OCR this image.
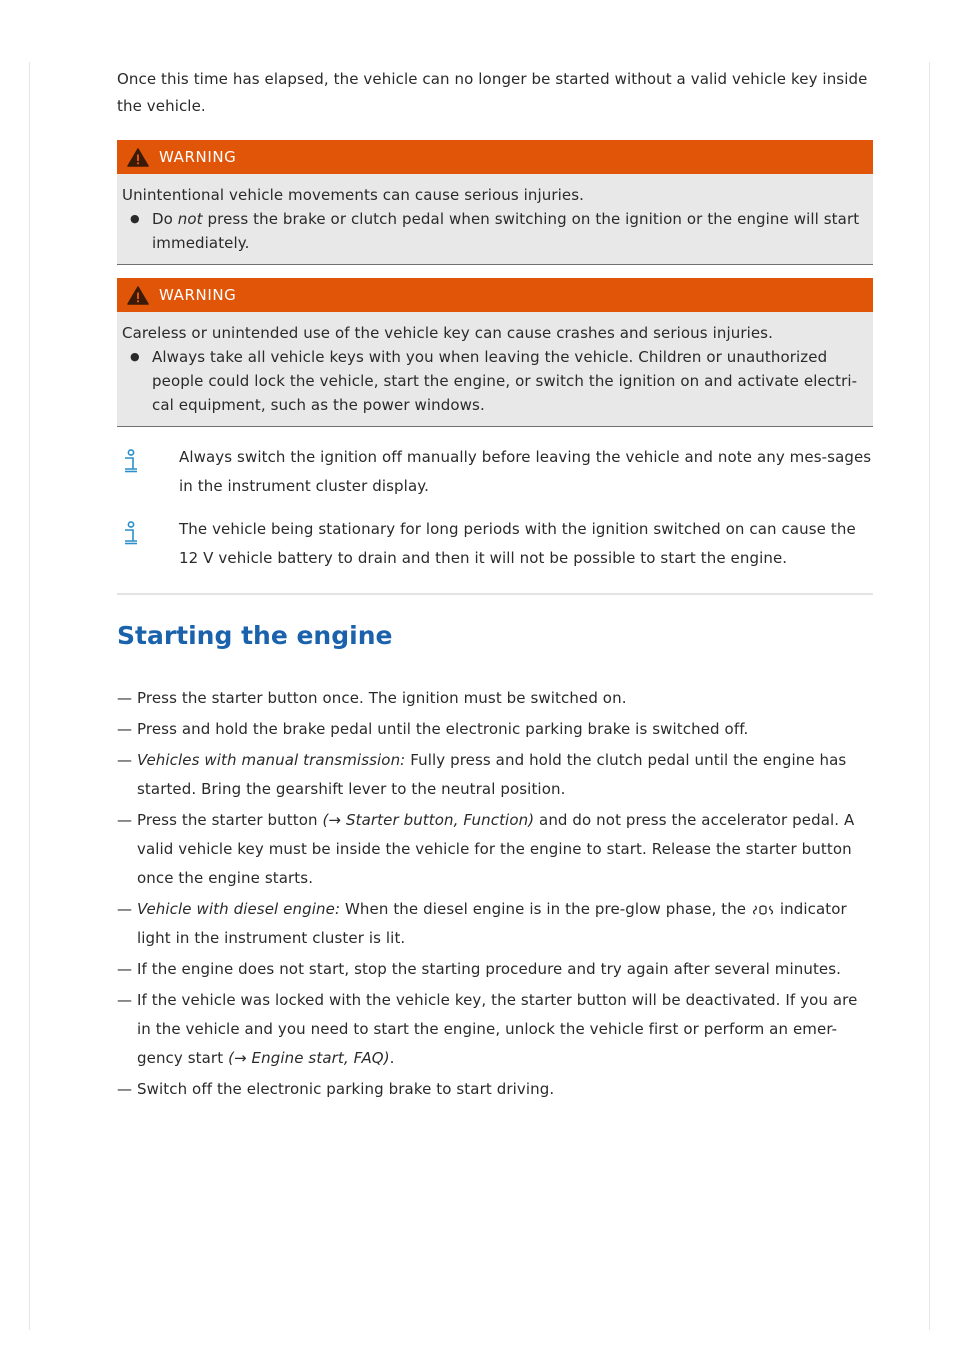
Once this time has elapsed, the vehicle can no longer be started without a valid vehicle key inside the vehicle.

WARNING
Unintentional vehicle movements can cause serious injuries.
● Do not press the brake or clutch pedal when switching on the ignition or the engine will start immediately.
WARNING
Careless or unintended use of the vehicle key can cause crashes and serious injuries.
● Always take all vehicle keys with you when leaving the vehicle. Children or unauthorized people could lock the vehicle, start the engine, or switch the ignition on and activate electri-cal equipment, such as the power windows.
Always switch the ignition off manually before leaving the vehicle and note any mes-sages in the instrument cluster display.
The vehicle being stationary for long periods with the ignition switched on can cause the 12 V vehicle battery to drain and then it will not be possible to start the engine.
Starting the engine
— Press the starter button once. The ignition must be switched on.
— Press and hold the brake pedal until the electronic parking brake is switched off.
— Vehicles with manual transmission: Fully press and hold the clutch pedal until the engine has started. Bring the gearshift lever to the neutral position.
— Press the starter button (→ Starter button, Function) and do not press the accelerator pedal. A valid vehicle key must be inside the vehicle for the engine to start. Release the starter button once the engine starts.
— Vehicle with diesel engine: When the diesel engine is in the pre-glow phase, the  indicator light in the instrument cluster is lit.
— If the engine does not start, stop the starting procedure and try again after several minutes.
— If the vehicle was locked with the vehicle key, the starter button will be deactivated. If you are in the vehicle and you need to start the engine, unlock the vehicle first or perform an emer-gency start (→ Engine start, FAQ).
— Switch off the electronic parking brake to start driving.
